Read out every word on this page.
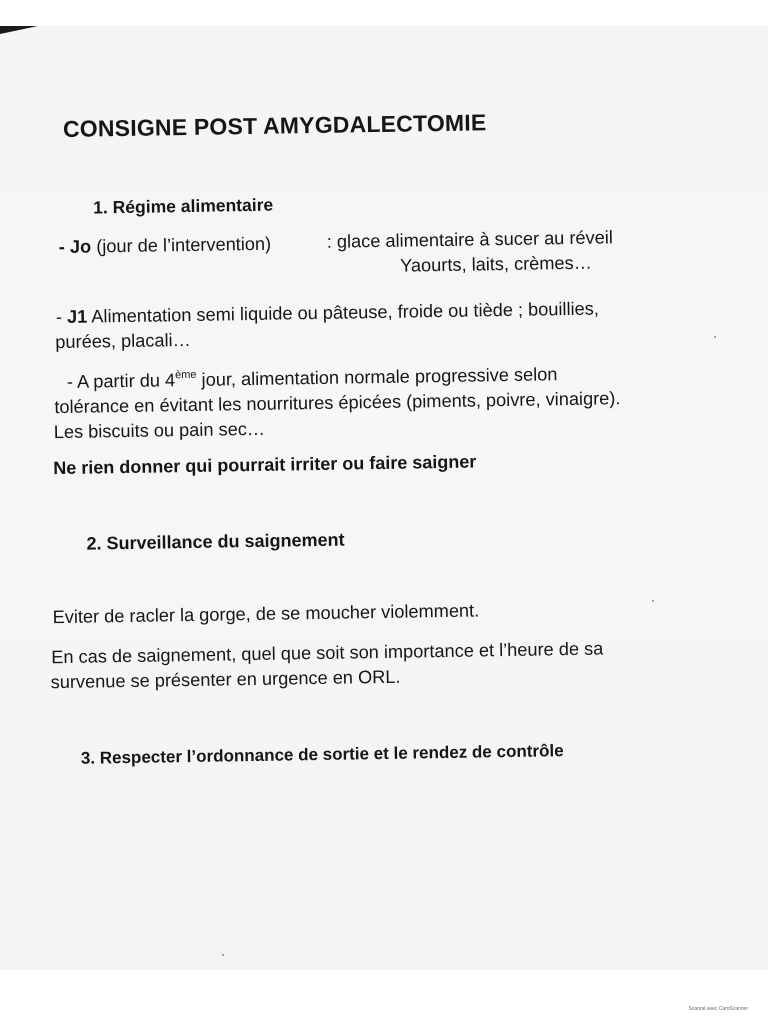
CONSIGNE POST AMYGDALECTOMIE
1. Régime alimentaire
- Jo (jour de l’intervention)	: glace alimentaire à sucer au réveil
Yaourts, laits, crèmes…
- J1 Alimentation semi liquide ou pâteuse, froide ou tiède ; bouillies,
purées, placali…
- A partir du 4ème jour, alimentation normale progressive selon
tolérance en évitant les nourritures épicées (piments, poivre, vinaigre).
Les biscuits ou pain sec…
Ne rien donner qui pourrait irriter ou faire saigner
2. Surveillance du saignement
Eviter de racler la gorge, de se moucher violemment.
En cas de saignement, quel que soit son importance et l’heure de sa
survenue se présenter en urgence en ORL.
3. Respecter l’ordonnance de sortie et le rendez de contrôle
Scanné avec CamScanner
